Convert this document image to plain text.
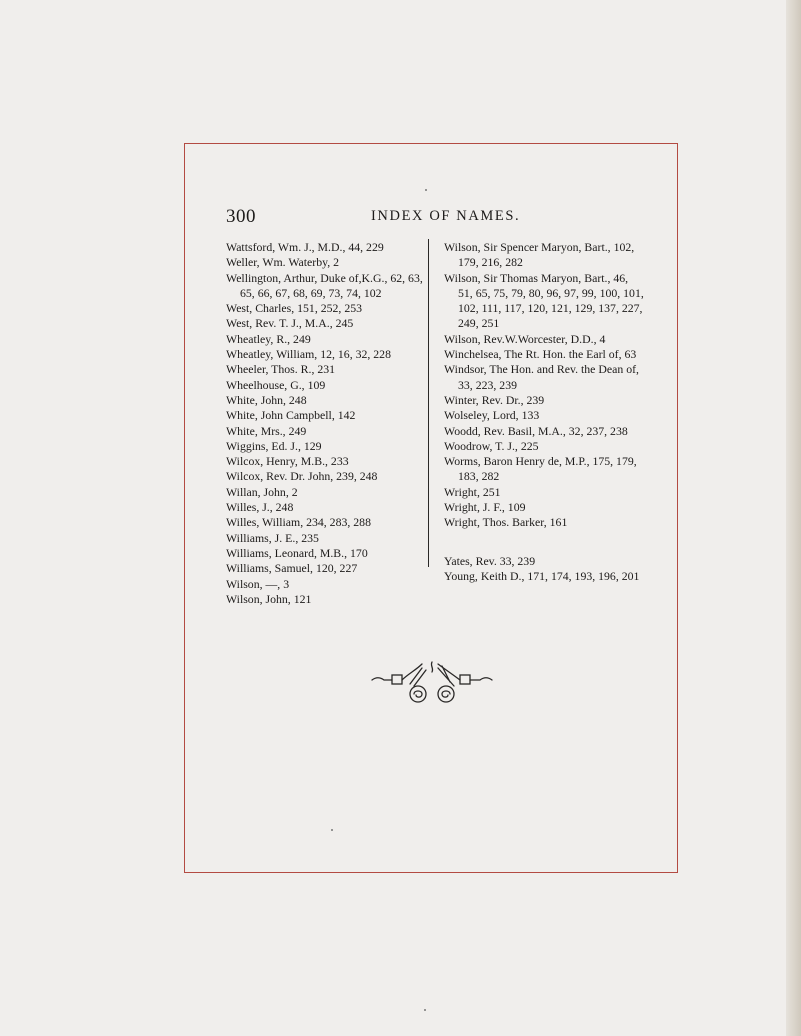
300	INDEX OF NAMES.
Wattsford, Wm. J., M.D., 44, 229
Weller, Wm. Waterby, 2
Wellington, Arthur, Duke of,K.G., 62, 63, 65, 66, 67, 68, 69, 73, 74, 102
West, Charles, 151, 252, 253
West, Rev. T. J., M.A., 245
Wheatley, R., 249
Wheatley, William, 12, 16, 32, 228
Wheeler, Thos. R., 231
Wheelhouse, G., 109
White, John, 248
White, John Campbell, 142
White, Mrs., 249
Wiggins, Ed. J., 129
Wilcox, Henry, M.B., 233
Wilcox, Rev. Dr. John, 239, 248
Willan, John, 2
Willes, J., 248
Willes, William, 234, 283, 288
Williams, J. E., 235
Williams, Leonard, M.B., 170
Williams, Samuel, 120, 227
Wilson, —, 3
Wilson, John, 121
Wilson, Sir Spencer Maryon, Bart., 102, 179, 216, 282
Wilson, Sir Thomas Maryon, Bart., 46, 51, 65, 75, 79, 80, 96, 97, 99, 100, 101, 102, 111, 117, 120, 121, 129, 137, 227, 249, 251
Wilson, Rev.W.Worcester, D.D., 4
Winchelsea, The Rt. Hon. the Earl of, 63
Windsor, The Hon. and Rev. the Dean of, 33, 223, 239
Winter, Rev. Dr., 239
Wolseley, Lord, 133
Woodd, Rev. Basil, M.A., 32, 237, 238
Woodrow, T. J., 225
Worms, Baron Henry de, M.P., 175, 179, 183, 282
Wright, 251
Wright, J. F., 109
Wright, Thos. Barker, 161
Yates, Rev. 33, 239
Young, Keith D., 171, 174, 193, 196, 201
